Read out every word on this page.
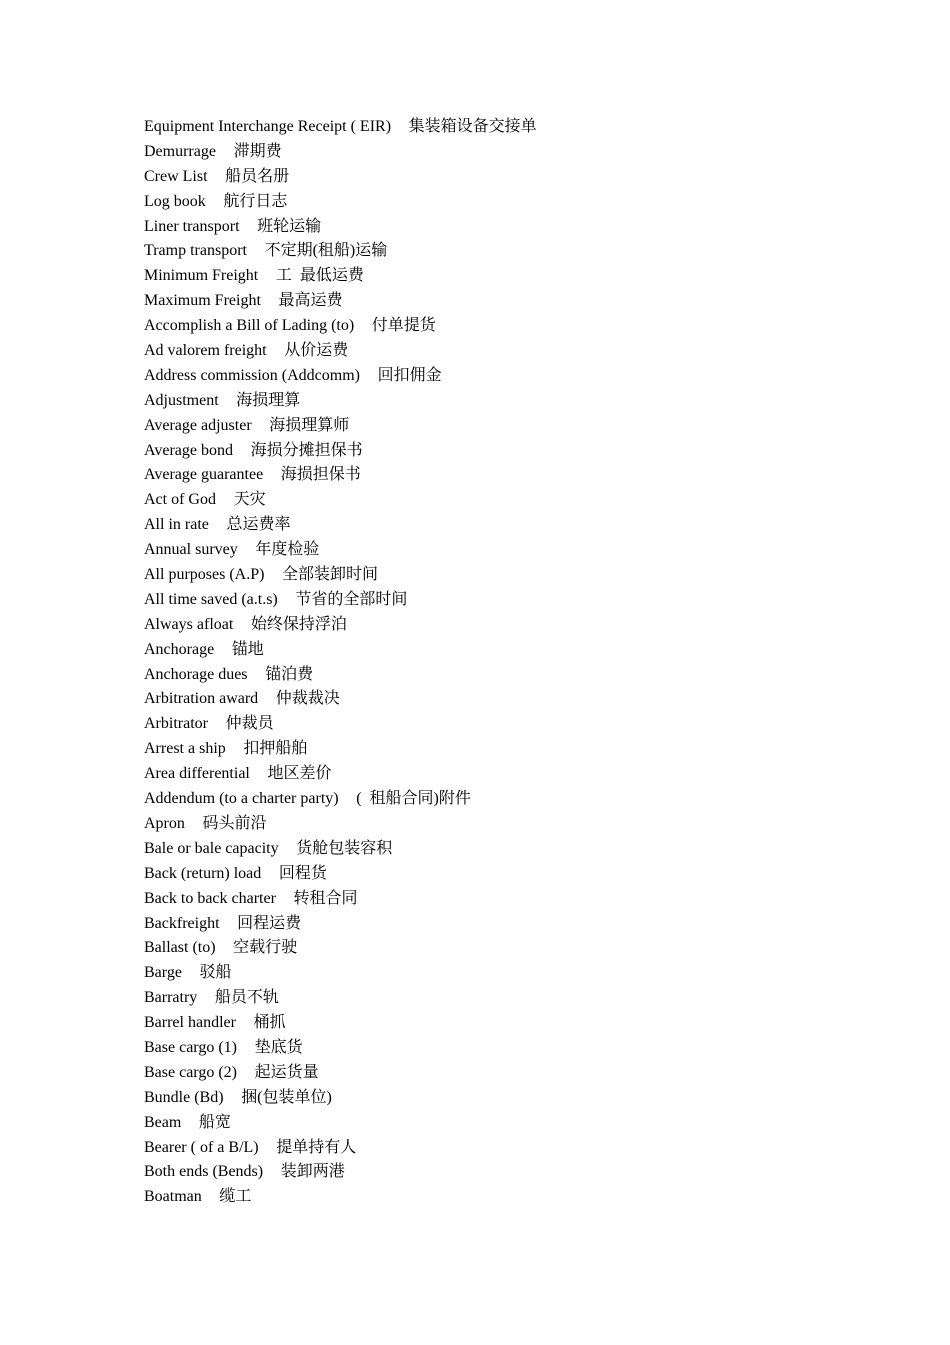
Equipment Interchange Receipt ( EIR) 集装箱设备交接单
Demurrage 滞期费
Crew List 船员名册
Log book 航行日志
Liner transport 班轮运输
Tramp transport 不定期(租船)运输
Minimum Freight 工  最低运费
Maximum Freight 最高运费
Accomplish a Bill of Lading (to) 付单提货
Ad valorem freight 从价运费
Address commission (Addcomm) 回扣佣金
Adjustment 海损理算
Average adjuster 海损理算师
Average bond 海损分摊担保书
Average guarantee 海损担保书
Act of God 天灾
All in rate 总运费率
Annual survey 年度检验
All purposes (A.P) 全部装卸时间
All time saved (a.t.s) 节省的全部时间
Always afloat 始终保持浮泊
Anchorage 锚地
Anchorage dues 锚泊费
Arbitration award 仲裁裁决
Arbitrator 仲裁员
Arrest a ship 扣押船舶
Area differential 地区差价
Addendum (to a charter party) (  租船合同)附件
Apron 码头前沿
Bale or bale capacity 货舱包装容积
Back (return) load 回程货
Back to back charter 转租合同
Backfreight 回程运费
Ballast (to) 空载行驶
Barge 驳船
Barratry 船员不轨
Barrel handler 桶抓
Base cargo (1) 垫底货
Base cargo (2) 起运货量
Bundle (Bd) 捆(包装单位)
Beam 船宽
Bearer ( of a B/L) 提单持有人
Both ends (Bends) 装卸两港
Boatman 缆工
